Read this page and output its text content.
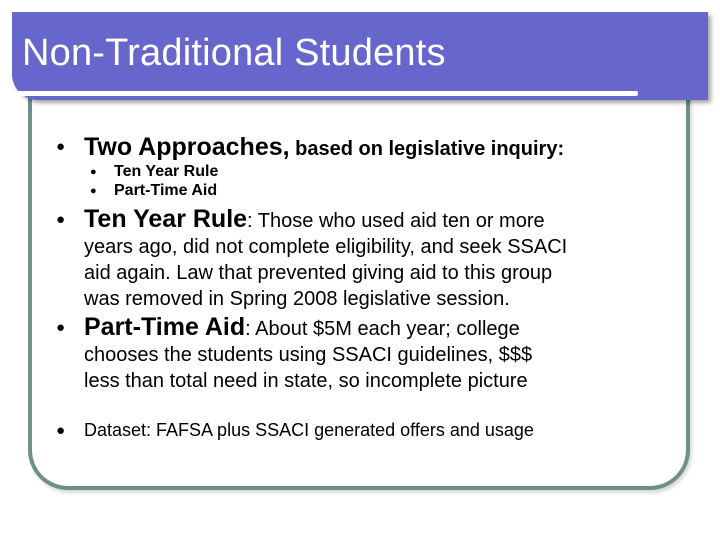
Non-Traditional Students
● Two Approaches, based on legislative inquiry:
● Ten Year Rule
● Part-Time Aid
● Ten Year Rule: Those who used aid ten or more
years ago, did not complete eligibility, and seek SSACI
aid again. Law that prevented giving aid to this group
was removed in Spring 2008 legislative session.
● Part-Time Aid: About $5M each year; college
chooses the students using SSACI guidelines, $$$
less than total need in state, so incomplete picture
● Dataset: FAFSA plus SSACI generated offers and usage
